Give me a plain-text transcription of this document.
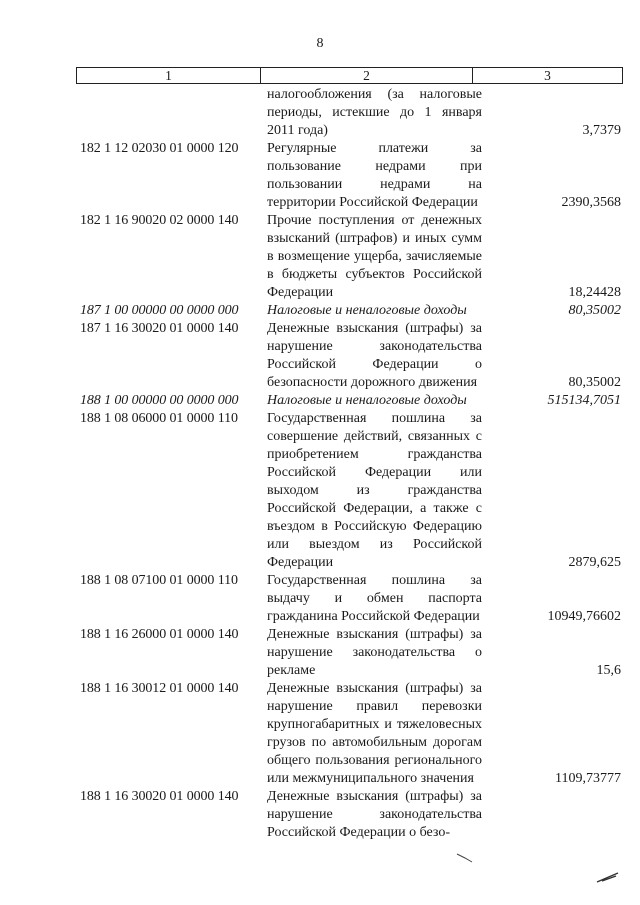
8
1	2	3
налогообложения (за налоговые периоды, истекшие до 1 января 2011 года)	3,7379
182 1 12 02030 01 0000 120 Регулярные платежи за пользование недрами при пользовании недрами на территории Российской Федерации	2390,3568
182 1 16 90020 02 0000 140 Прочие поступления от денежных взысканий (штрафов) и иных сумм в возмещение ущерба, зачисляемые в бюджеты субъектов Российской Федерации	18,24428
187 1 00 00000 00 0000 000 Налоговые и неналоговые доходы	80,35002
187 1 16 30020 01 0000 140 Денежные взыскания (штрафы) за нарушение законодательства Российской Федерации о безопасности дорожного движения	80,35002
188 1 00 00000 00 0000 000 Налоговые и неналоговые доходы	515134,7051
188 1 08 06000 01 0000 110 Государственная пошлина за совершение действий, связанных с приобретением гражданства Российской Федерации или выходом из гражданства Российской Федерации, а также с въездом в Российскую Федерацию или выездом из Российской Федерации	2879,625
188 1 08 07100 01 0000 110 Государственная пошлина за выдачу и обмен паспорта гражданина Российской Федерации	10949,76602
188 1 16 26000 01 0000 140 Денежные взыскания (штрафы) за нарушение законодательства о рекламе	15,6
188 1 16 30012 01 0000 140 Денежные взыскания (штрафы) за нарушение правил перевозки крупногабаритных и тяжеловесных грузов по автомобильным дорогам общего пользования регионального или межмуниципального значения	1109,73777
188 1 16 30020 01 0000 140 Денежные взыскания (штрафы) за нарушение законодательства Российской Федерации о безо-
